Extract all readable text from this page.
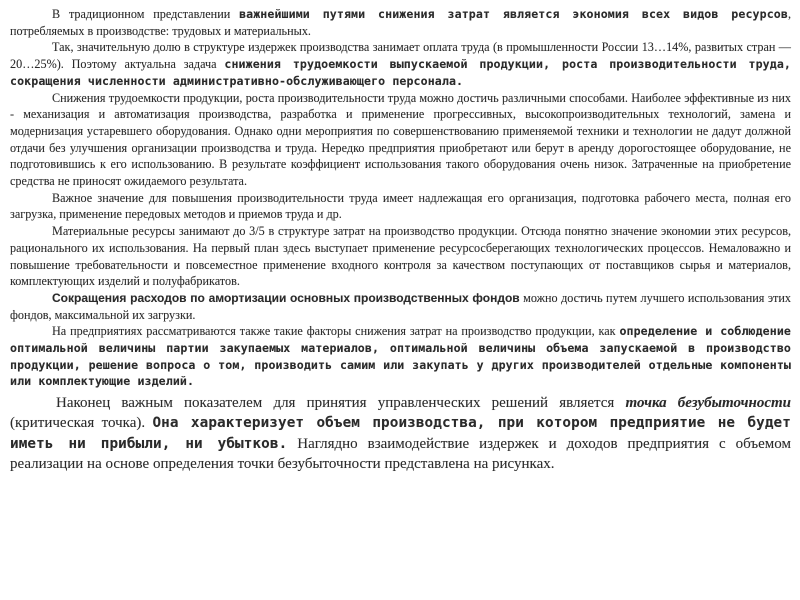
В традиционном представлении важнейшими путями снижения затрат является экономия всех видов ресурсов, потребляемых в производстве: трудовых и материальных.

Так, значительную долю в структуре издержек производства занимает оплата труда (в промышленности России 13…14%, развитых стран — 20…25%). Поэтому актуальна задача снижения трудоемкости выпускаемой продукции, роста производительности труда, сокращения численности административно-обслуживающего персонала.

Снижения трудоемкости продукции, роста производительности труда можно достичь различными способами. Наиболее эффективные из них - механизация и автоматизация производства, разработка и применение прогрессивных, высокопроизводительных технологий, замена и модернизация устаревшего оборудования. Однако одни мероприятия по совершенствованию применяемой техники и технологии не дадут должной отдачи без улучшения организации производства и труда. Нередко предприятия приобретают или берут в аренду дорогостоящее оборудование, не подготовившись к его использованию. В результате коэффициент использования такого оборудования очень низок. Затраченные на приобретение средства не приносят ожидаемого результата.

Важное значение для повышения производительности труда имеет надлежащая его организация, подготовка рабочего места, полная его загрузка, применение передовых методов и приемов труда и др.

Материальные ресурсы занимают до 3/5 в структуре затрат на производство продукции. Отсюда понятно значение экономии этих ресурсов, рационального их использования. На первый план здесь выступает применение ресурсосберегающих технологических процессов. Немаловажно и повышение требовательности и повсеместное применение входного контроля за качеством поступающих от поставщиков сырья и материалов, комплектующих изделий и полуфабрикатов.

Сокращения расходов по амортизации основных производственных фондов можно достичь путем лучшего использования этих фондов, максимальной их загрузки.

На предприятиях рассматриваются также такие факторы снижения затрат на производство продукции, как определение и соблюдение оптимальной величины партии закупаемых материалов, оптимальной величины объема запускаемой в производство продукции, решение вопроса о том, производить самим или закупать у других производителей отдельные компоненты или комплектующие изделий.

Наконец важным показателем для принятия управленческих решений является точка безубыточности (критическая точка). Она характеризует объем производства, при котором предприятие не будет иметь ни прибыли, ни убытков. Наглядно взаимодействие издержек и доходов предприятия с объемом реализации на основе определения точки безубыточности представлена на рисунках.
